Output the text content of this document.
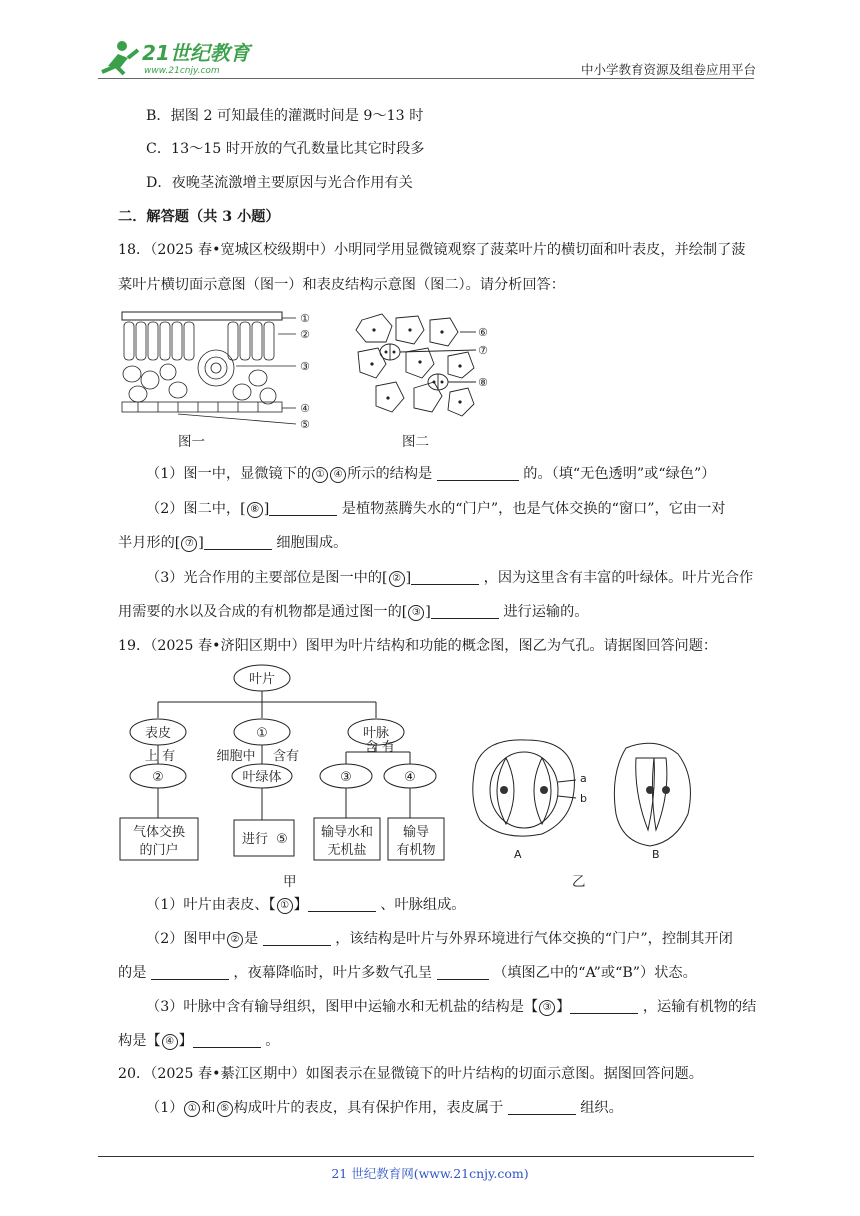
21世纪教育
www.21cnjy.com	中小学教育资源及组卷应用平台
B．据图 2 可知最佳的灌溉时间是 9～13 时
C．13～15 时开放的气孔数量比其它时段多
D．夜晚茎流激增主要原因与光合作用有关
二．解答题（共 3 小题）
18．（2025 春•宽城区校级期中）小明同学用显微镜观察了菠菜叶片的横切面和叶表皮，并绘制了菠
菜叶片横切面示意图（图一）和表皮结构示意图（图二）。请分析回答：
①
②
③
④
⑤
图一
⑥
⑦
⑧
图二
（1）图一中，显微镜下的 ① ④ 所示的结构是	的。（填“无色透明”或“绿色”）
（2）图二中，[ ⑧ ]	是植物蒸腾失水的“门户”，也是气体交换的“窗口”，它由一对
半月形的[ ⑦ ]	细胞围成。
（3）光合作用的主要部位是图一中的[ ② ]	，因为这里含有丰富的叶绿体。叶片光合作
用需要的水以及合成的有机物都是通过图一的[ ③ ]	进行运输的。
19．（2025 春•济阳区期中）图甲为叶片结构和功能的概念图，图乙为气孔。请据图回答问题：
叶片
表皮	①	叶脉
上 有	细胞中 含有
含 有
②	叶绿体	③	④
气体交换
的门户
进行 ⑤	输导水和
无机盐
输导
有机物
甲
a
b
A	B
乙
（1）叶片由表皮、【 ① 】	、叶脉组成。
（2）图甲中 ② 是	，该结构是叶片与外界环境进行气体交换的“门户”，控制其开闭
的是	，夜幕降临时，叶片多数气孔呈	（填图乙中的“A”或“B”）状态。
（3）叶脉中含有输导组织，图甲中运输水和无机盐的结构是【 ③ 】	，运输有机物的结
构是【 ④ 】	。
20．（2025 春•綦江区期中）如图表示在显微镜下的叶片结构的切面示意图。据图回答问题。
（1） ① 和 ⑤ 构成叶片的表皮，具有保护作用，表皮属于	组织。
21 世纪教育网(www.21cnjy.com)
